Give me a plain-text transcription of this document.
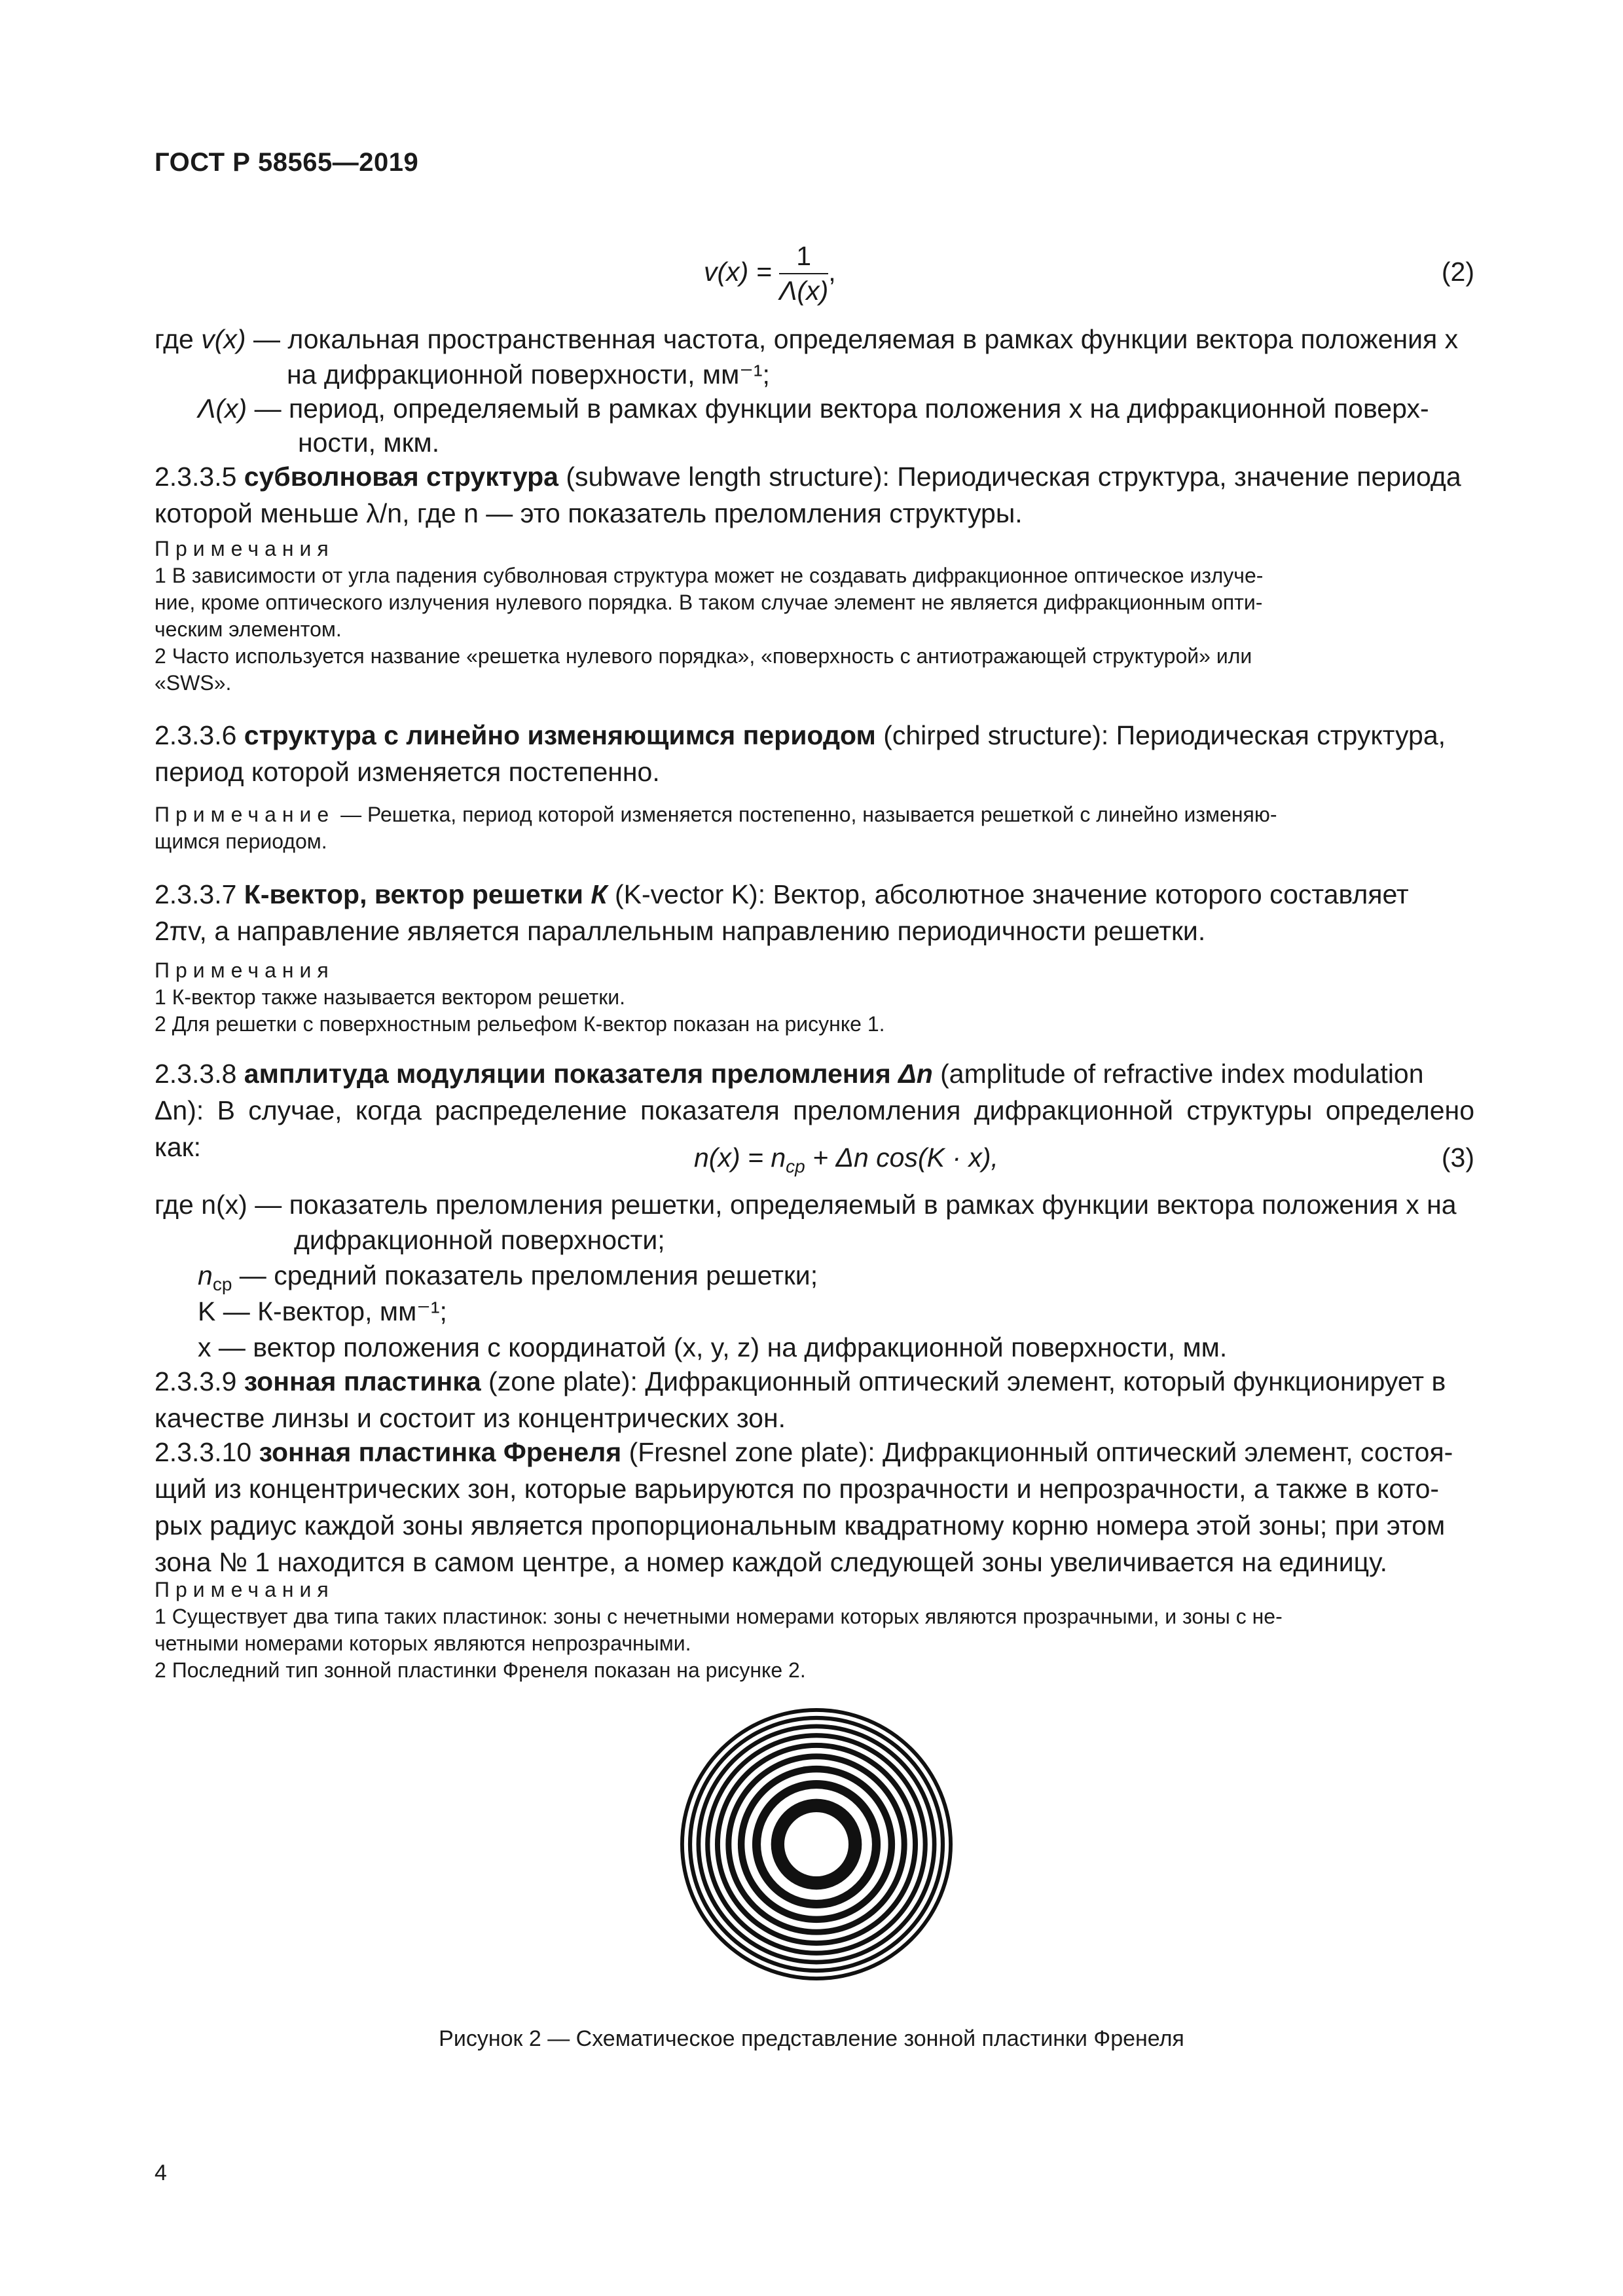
ГОСТ Р 58565—2019
$v(x) = \frac{1}{\Lambda(x)}$ ,	(2)
где v(x) — локальная пространственная частота, определяемая в рамках функции вектора положения x
на дифракционной поверхности, мм⁻¹;
Λ(x) — период, определяемый в рамках функции вектора положения x на дифракционной поверх-
ности, мкм.

2.3.3.5 субволновая структура (subwave length structure): Периодическая структура, значение периода

которой меньше λ/n, где n — это показатель преломления структуры.

Примечания

1 В зависимости от угла падения субволновая структура может не создавать дифракционное оптическое излуче-

ние, кроме оптического излучения нулевого порядка. В таком случае элемент не является дифракционным опти-

ческим элементом.

2 Часто используется название «решетка нулевого порядка», «поверхность с антиотражающей структурой» или

«SWS».

2.3.3.6 структура с линейно изменяющимся периодом (chirped structure): Периодическая структура,

период которой изменяется постепенно.

Примечание — Решетка, период которой изменяется постепенно, называется решеткой с линейно изменяю-

щимся периодом.

2.3.3.7 К-вектор, вектор решетки К (K-vector K): Вектор, абсолютное значение которого составляет

2πv, а направление является параллельным направлению периодичности решетки.

Примечания

1 К-вектор также называется вектором решетки.

2 Для решетки с поверхностным рельефом К-вектор показан на рисунке 1.

2.3.3.8 амплитуда модуляции показателя преломления Δn (amplitude of refractive index modulation

Δn): В случае, когда распределение показателя преломления дифракционной структуры определено как:	$n(x) = n_{ср} + \Delta n$ cos(K · x),	(3)
где n(x) — показатель преломления решетки, определяемый в рамках функции вектора положения x на
дифракционной поверхности;
$n_{ср}$ — средний показатель преломления решетки;
K — К-вектор, мм⁻¹;
x — вектор положения с координатой (x, y, z) на дифракционной поверхности, мм.

2.3.3.9 зонная пластинка (zone plate): Дифракционный оптический элемент, который функционирует в

качестве линзы и состоит из концентрических зон.

2.3.3.10 зонная пластинка Френеля (Fresnel zone plate): Дифракционный оптический элемент, состоя-

щий из концентрических зон, которые варьируются по прозрачности и непрозрачности, а также в кото-

рых радиус каждой зоны является пропорциональным квадратному корню номера этой зоны; при этом

зона № 1 находится в самом центре, а номер каждой следующей зоны увеличивается на единицу.

Примечания

1 Существует два типа таких пластинок: зоны с нечетными номерами которых являются прозрачными, и зоны с не-

четными номерами которых являются непрозрачными.

2 Последний тип зонной пластинки Френеля показан на рисунке 2.

Рисунок 2 — Схематическое представление зонной пластинки Френеля
4
